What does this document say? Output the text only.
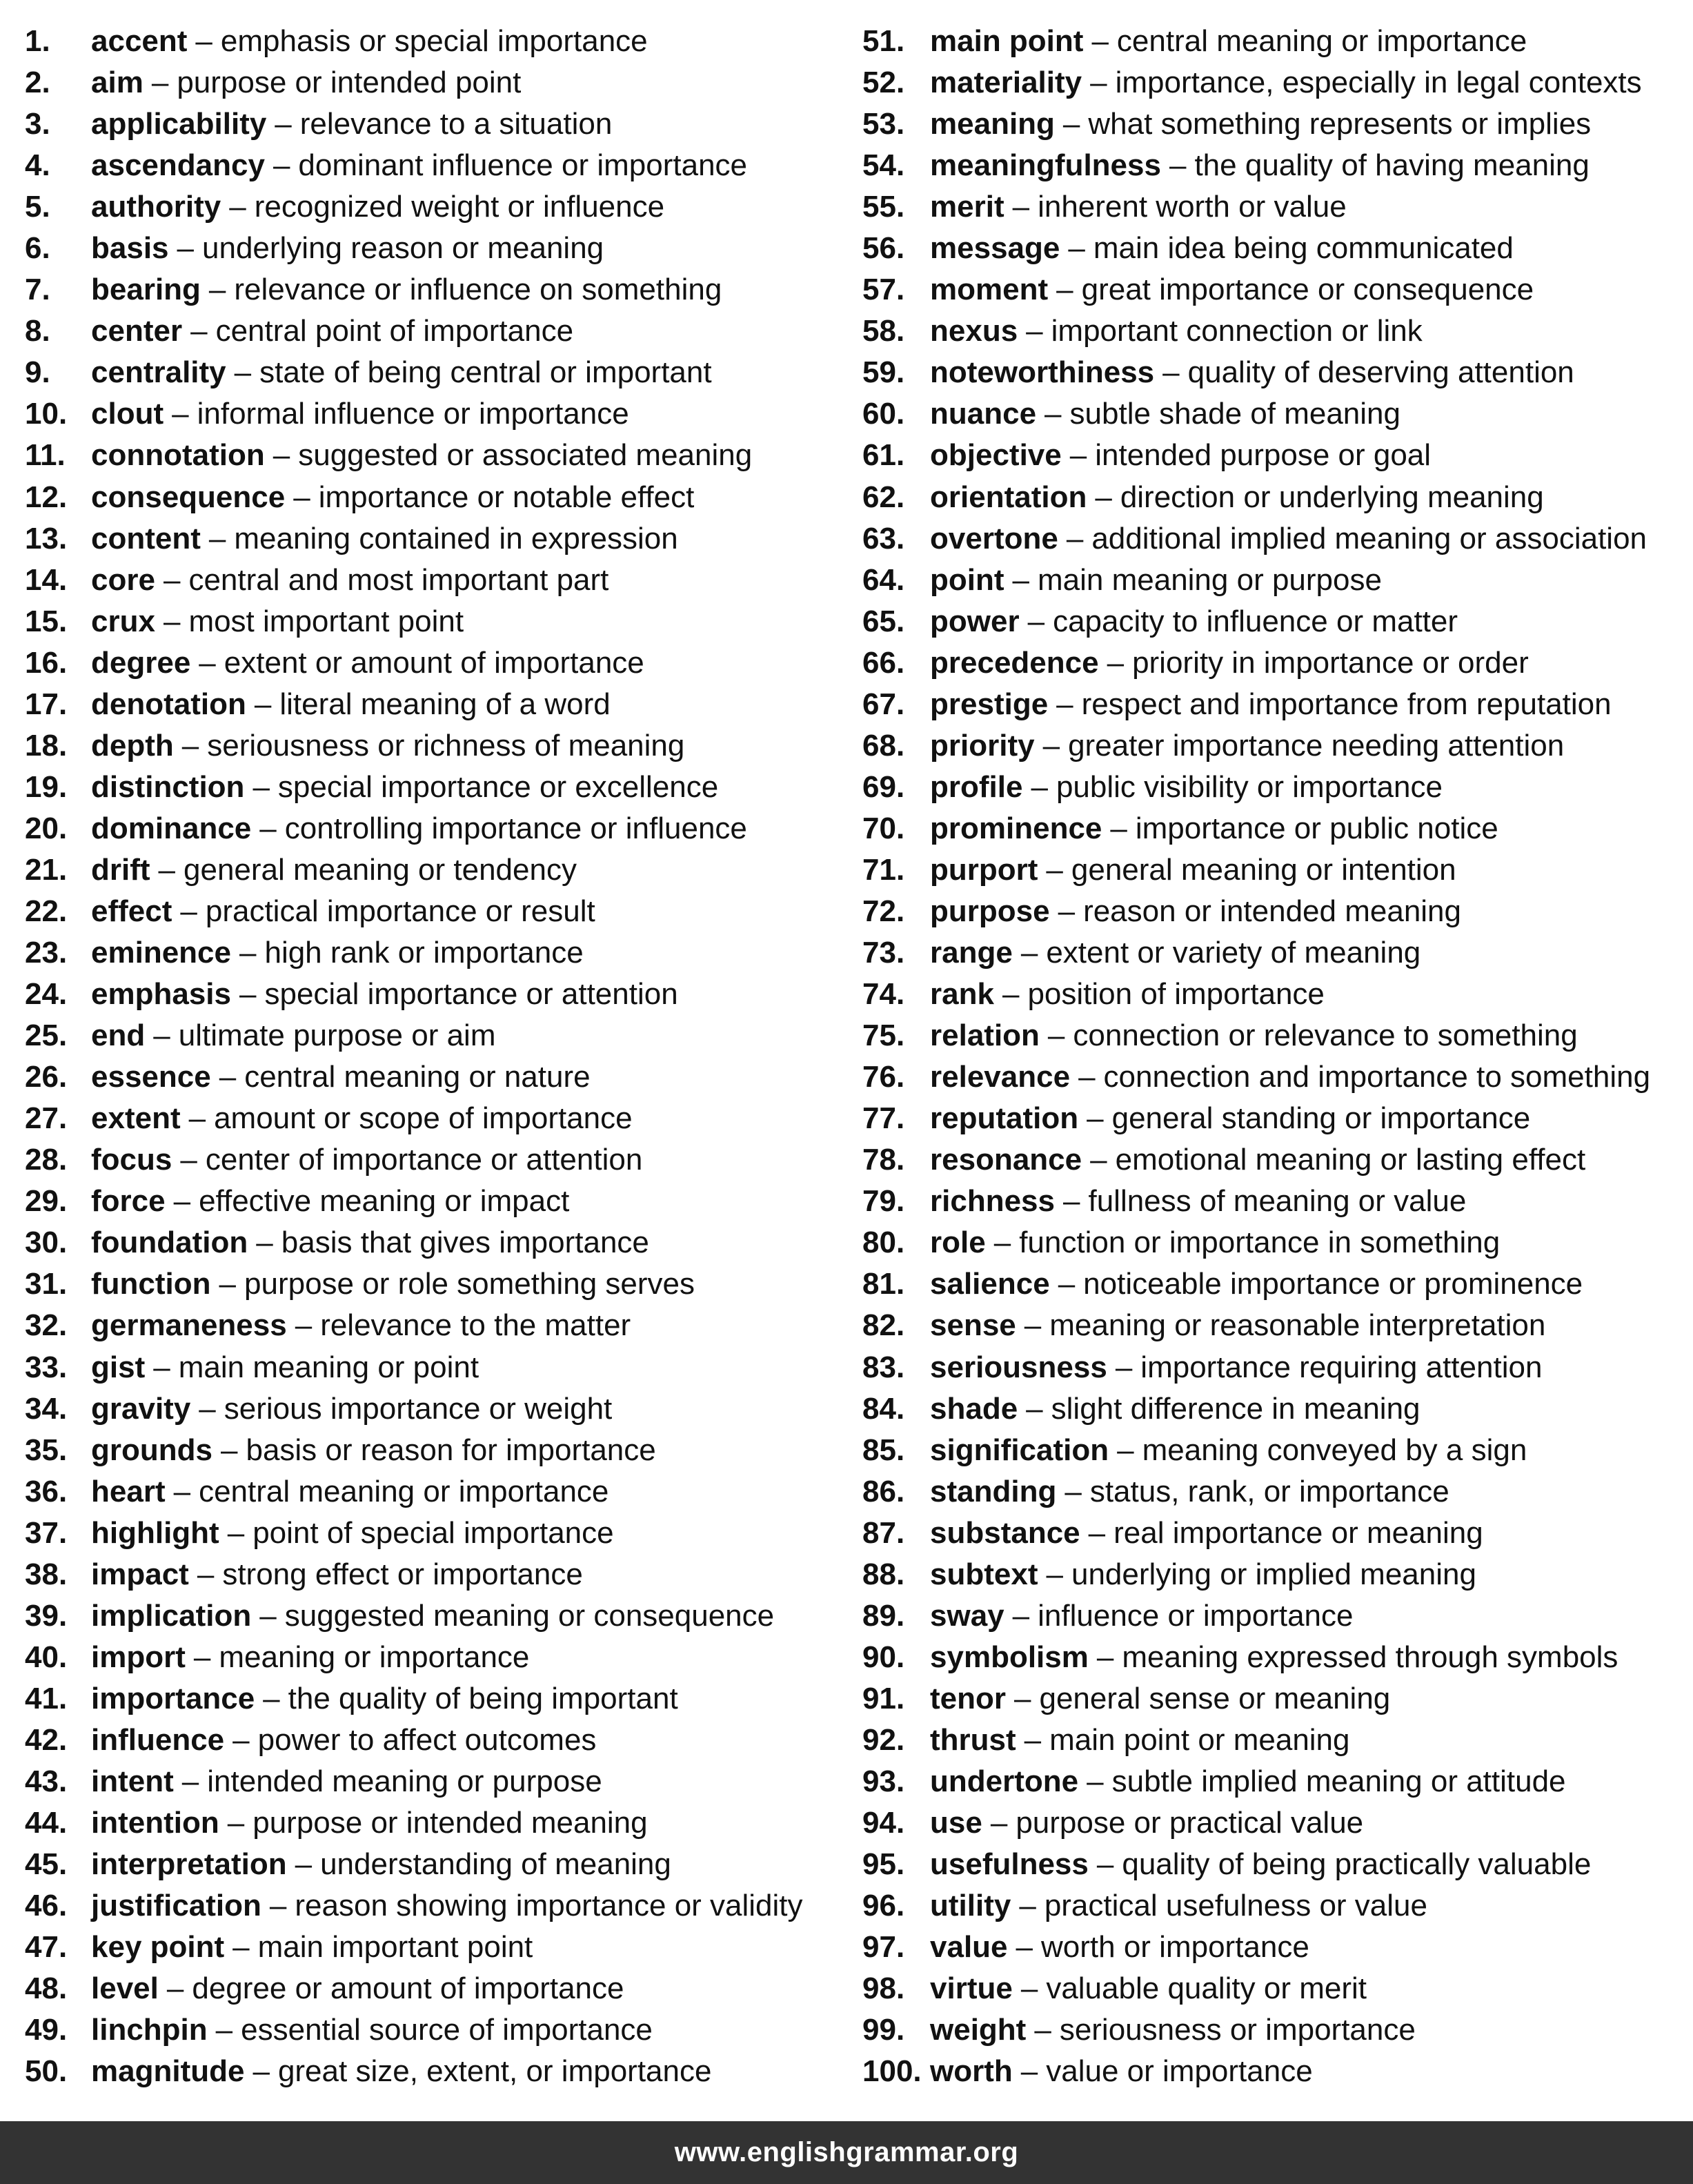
1.	accent – emphasis or special importance
2.	aim – purpose or intended point
3.	applicability – relevance to a situation
4.	ascendancy – dominant influence or importance
5.	authority – recognized weight or influence
6.	basis – underlying reason or meaning
7.	bearing – relevance or influence on something
8.	center – central point of importance
9.	centrality – state of being central or important
10. clout – informal influence or importance
11. connotation – suggested or associated meaning
12. consequence – importance or notable effect
13. content – meaning contained in expression
14. core – central and most important part
15. crux – most important point
16. degree – extent or amount of importance
17. denotation – literal meaning of a word
18. depth – seriousness or richness of meaning
19. distinction – special importance or excellence
20. dominance – controlling importance or influence
21. drift – general meaning or tendency
22. effect – practical importance or result
23. eminence – high rank or importance
24. emphasis – special importance or attention
25. end – ultimate purpose or aim
26. essence – central meaning or nature
27. extent – amount or scope of importance
28. focus – center of importance or attention
29. force – effective meaning or impact
30. foundation – basis that gives importance
31. function – purpose or role something serves
32. germaneness – relevance to the matter
33. gist – main meaning or point
34. gravity – serious importance or weight
35. grounds – basis or reason for importance
36. heart – central meaning or importance
37. highlight – point of special importance
38. impact – strong effect or importance
39. implication – suggested meaning or consequence
40. import – meaning or importance
41. importance – the quality of being important
42. influence – power to affect outcomes
43. intent – intended meaning or purpose
44. intention – purpose or intended meaning
45. interpretation – understanding of meaning
46. justification – reason showing importance or validity
47. key point – main important point
48. level – degree or amount of importance
49. linchpin – essential source of importance
50. magnitude – great size, extent, or importance
51. main point – central meaning or importance
52. materiality – importance, especially in legal contexts
53. meaning – what something represents or implies
54. meaningfulness – the quality of having meaning
55. merit – inherent worth or value
56. message – main idea being communicated
57. moment – great importance or consequence
58. nexus – important connection or link
59. noteworthiness – quality of deserving attention
60. nuance – subtle shade of meaning
61. objective – intended purpose or goal
62. orientation – direction or underlying meaning
63. overtone – additional implied meaning or association
64. point – main meaning or purpose
65. power – capacity to influence or matter
66. precedence – priority in importance or order
67. prestige – respect and importance from reputation
68. priority – greater importance needing attention
69. profile – public visibility or importance
70. prominence – importance or public notice
71. purport – general meaning or intention
72. purpose – reason or intended meaning
73. range – extent or variety of meaning
74. rank – position of importance
75. relation – connection or relevance to something
76. relevance – connection and importance to something
77. reputation – general standing or importance
78. resonance – emotional meaning or lasting effect
79. richness – fullness of meaning or value
80. role – function or importance in something
81. salience – noticeable importance or prominence
82. sense – meaning or reasonable interpretation
83. seriousness – importance requiring attention
84. shade – slight difference in meaning
85. signification – meaning conveyed by a sign
86. standing – status, rank, or importance
87. substance – real importance or meaning
88. subtext – underlying or implied meaning
89. sway – influence or importance
90. symbolism – meaning expressed through symbols
91. tenor – general sense or meaning
92. thrust – main point or meaning
93. undertone – subtle implied meaning or attitude
94. use – purpose or practical value
95. usefulness – quality of being practically valuable
96. utility – practical usefulness or value
97. value – worth or importance
98. virtue – valuable quality or merit
99. weight – seriousness or importance
100. worth – value or importance
www.englishgrammar.org
